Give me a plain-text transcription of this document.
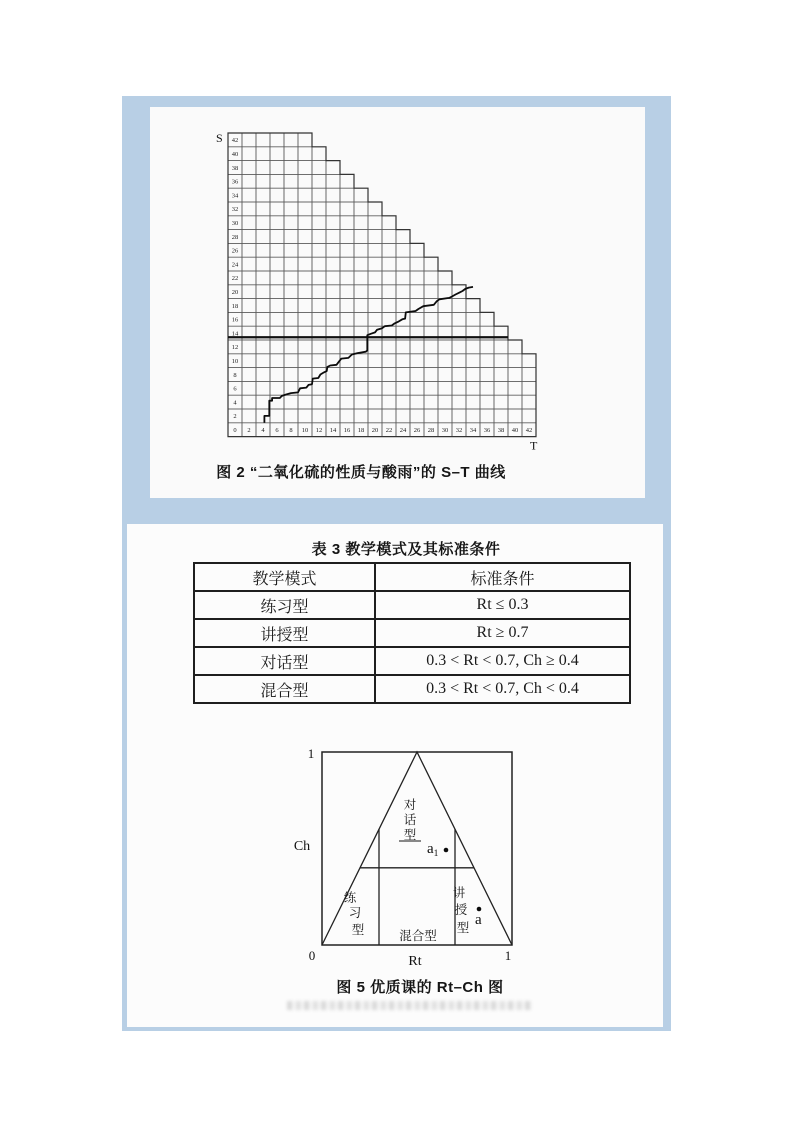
42
40
38
36
34
32
30
28
26
24
22
20
18
16
14
12
10
8
6
4
2
0 2 4 6 8 10 12 14 16 18 20 22 24 26 28 30 32 34 36 38 40 42
S
T
图 2 “二氧化硫的性质与酸雨”的 S–T 曲线
表 3 教学模式及其标准条件
教学模式	标准条件
练习型	Rt ≤ 0.3
讲授型	Rt ≥ 0.7
对话型	0.3 < Rt < 0.7, Ch ≥ 0.4
混合型	0.3 < Rt < 0.7, Ch < 0.4
1
Ch
0	Rt	1
对
话
型
练
习
型
讲
授
型
混合型
$a_1$
a
图 5 优质课的 Rt–Ch 图
